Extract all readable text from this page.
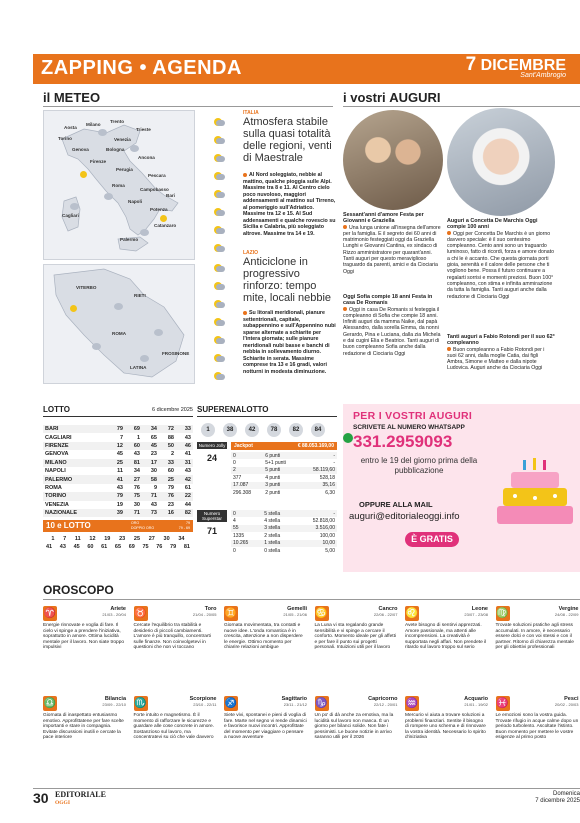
ZAPPING • AGENDA	7 DICEMBRE
Sant'Ambrogio
il METEO
Aosta
Milano
Trento
Trieste
Torino	Venezia
Genova	Bologna
Firenze
Ancona
Perugia
Pescara
Roma
Campobasso
Napoli
Bari
Potenza
Cagliari
Catanzaro
Palermo
VITERBO
RIETI
ROMA
FROSINONE
LATINA
ITALIA
Atmosfera stabile sulla quasi totalità delle regioni, venti di Maestrale
Al Nord soleggiato, nebbie al mattino, qualche pioggia sulle Alpi. Massime tra 8 e 11. Al Centro cielo poco nuvoloso, maggiori addensamenti al mattino sul Tirreno, al pomeriggio sull'Adriatico. Massime tra 12 e 15. Al Sud addensamenti e qualche rovescio su Sicilia e Calabria, più soleggiato altrove. Massime tra 14 e 19.
LAZIO
Anticiclone in progressivo rinforzo: tempo mite, locali nebbie
Su litorali meridionali, pianure settentrionali, capitale, subappennino e sull'Appennino nubi sparse alternate a schiarite per l'intera giornata; sulle pianure meridionali nubi basse e banchi di nebbia in sollevamento diurno. Schiarite in serata. Massime comprese tra 13 e 16 gradi, valori notturni in modesta diminuzione.
i vostri AUGURI
Sessant'anni d'amore Festa per Giovanni e Graziella
Una lunga unione all'insegna dell'amore per la famiglia. E il segreto dei 60 anni di matrimonio festeggiati oggi da Graziella Lunghi e Giovanni Cantina, ex sindaco di Rizzo amministratore per quarant'anni. Tanti auguri per questo meraviglioso traguardo da parenti, amici e da Ciociaria Oggi
Oggi Sofia compie 18 anni Festa in casa De Romanis
Oggi in casa De Romanis si festeggia il compleanno di Sofia che compie 18 anni. Infiniti auguri da mamma Naike, dal papà Alessandro, dalla sorella Emma, da nonni Gerardo, Pina e Luciana, dalla zia Michela e dai cugini Elia e Beatrice. Tanti auguri di buon compleanno Sofia anche dalla redazione di Ciociaria Oggi
Auguri a Concetta De Marchis Oggi compie 100 anni
Oggi per Concetta De Marchis è un giorno davvero speciale: è il suo centesimo compleanno. Cento anni sono un traguardo luminoso, fatto di ricordi, forza e amore donato a chi le è accanto. Che questa giornata porti gioia, serenità e il calore delle persone che ti vogliono bene. Possa il futuro continuare a regalarti sorrisi e momenti preziosi. Buon 100° compleanno, con stima e infinita ammirazione da tutta la famiglia. Tanti auguri anche dalla redazione di Ciociaria Oggi
Tanti auguri a Fabio Rotondi per il suo 62° compleanno
Buon compleanno a Fabio Rotondi per i suoi 62 anni, dalla moglie Catia, dai figli Ambra, Simone e Matteo e dalla nipote Ludovica. Auguri anche da Ciociaria Oggi
LOTTO	6 dicembre 2025
BARI	79	69	34	72	33
CAGLIARI	7	1	65	88	43
FIRENZE	12	60	45	50	46
GENOVA	45	43	23	2	41
MILANO	25	81	17	33	31
NAPOLI	11	34	30	60	43
PALERMO	41	27	58	25	42
ROMA	43	76	9	79	61
TORINO	79	75	71	76	22
VENEZIA	19	30	43	23	44
NAZIONALE	39	71	73	16	82
10 e LOTTO	ORO
DOPPIO ORO
79
79 - 69
1 7 11 12 19 23 25 27 30 34
41 43 45 60 61 65 69 75 76 79 81
SUPERENALOTTO
1	38	42	78	82	84
Numero Jolly
24
Jackpot	€ 88.053.169,00
0	6 punti	-
0	5+1 punti	-
2	5 punti	58.119,60
377	4 punti	528,18
17.087	3 punti	35,16
296.308	2 punti	6,30
Numero Superstar
71
0	5 stella	-
4	4 stella	52.818,00
55	3 stella	3.516,00
1335	2 stella	100,00
10.265	1 stella	10,00
0	0 stella	5,00
PER I VOSTRI AUGURI
SCRIVETE AL NUMERO WHATSAPP
331.2959093
entro le 19 del giorno prima della pubblicazione
OPPURE ALLA MAIL
auguri@editorialeoggi.info
È GRATIS
OROSCOPO
♈	Ariete
21/03 - 20/04
Energie rinnovate e voglia di fare. Il cielo vi spinge a prendere l'iniziativa, soprattutto in amore. Ottima lucidità mentale per il lavoro. Non siate troppo impulsivi
♉	Toro
21/04 - 20/05
Cercate l'equilibrio tra stabilità e desiderio di piccoli cambiamenti. L'amore è più tranquillo, concentrarti sulle finanze. Non coinvolgetevi in questioni che non vi toccano
♊	Gemelli
21/05 - 21/06
Giornata movimentata, tra contatti e nuove idee. L'onda romantica è in crescita, attenzione a non disperdere le energie. Ottimo momento per chiarire relazioni ambigue
♋	Cancro
22/06 - 22/07
La Luna vi sta regalando grande sensibilità e vi spinge a cercare il conforto. Momento ideale per gli affetti e per fare il punto sui progetti personali. Intuizioni utili per il lavoro
♌	Leone
23/07 - 23/08
Avete bisogno di sentirvi apprezzati. Amore passionale, ma attenti alle incomprensioni. La creatività è supportata negli affari. Non prendete il ritardo sul lavoro troppo sul serio
♍	Vergine
24/08 - 22/09
Trovate soluzioni pratiche agli stress accumulati. In amore, è necessario essere dolci e con voi stessi e con il partner. Ritorno di chiarezza mentale per gli obiettivi professionali
♎	Bilancia
23/09 - 22/10
Giornata di inaspettato entusiasmo emotivo. Approfittatene per fare scelte importanti e stare in compagnia. Evitate discussioni inutili e cercate la pace interiore
♏	Scorpione
23/10 - 22/11
Forte intuito e magnetismo. È il momento di rafforzare le sicurezze e guardare alle cose concrete in amore. Sostanzioso sul lavoro, ma concentratevi su ciò che vale davvero
♐	Sagittario
23/11 - 21/12
Siete vivi, spontanei e pieni di voglia di fare. Marte nel segno vi rende dinamici e favorisce nuovi incontri. Approfittate del momento per viaggiare o pensare a nuove avventure
♑	Capricorno
22/12 - 20/01
Un po' di dà anche za emotiva, ma la lucidità sul lavoro non manca. È un giorno per bilanci solide. Non fate i pessimisti. Le buone notizie in arrivo saranno utili per il 2026
♒	Acquario
21/01 - 19/02
Mercurio vi aiuta a trovare soluzioni a problemi finanziari. Sentite il bisogno di rompere uno schema e di rinnovare la vostra identità. Necessario lo spirito d'iniziativa
♓	Pesci
20/02 - 20/03
Le emozioni sono la vostra guida. Trovate rifugio in acque calme dopo un periodo turbolento. Ascoltate l'istinto. Buon momento per mettere le vostre esigenze al primo posto
30 EDITORIALE
OGGI
Domenica
7 dicembre 2025
